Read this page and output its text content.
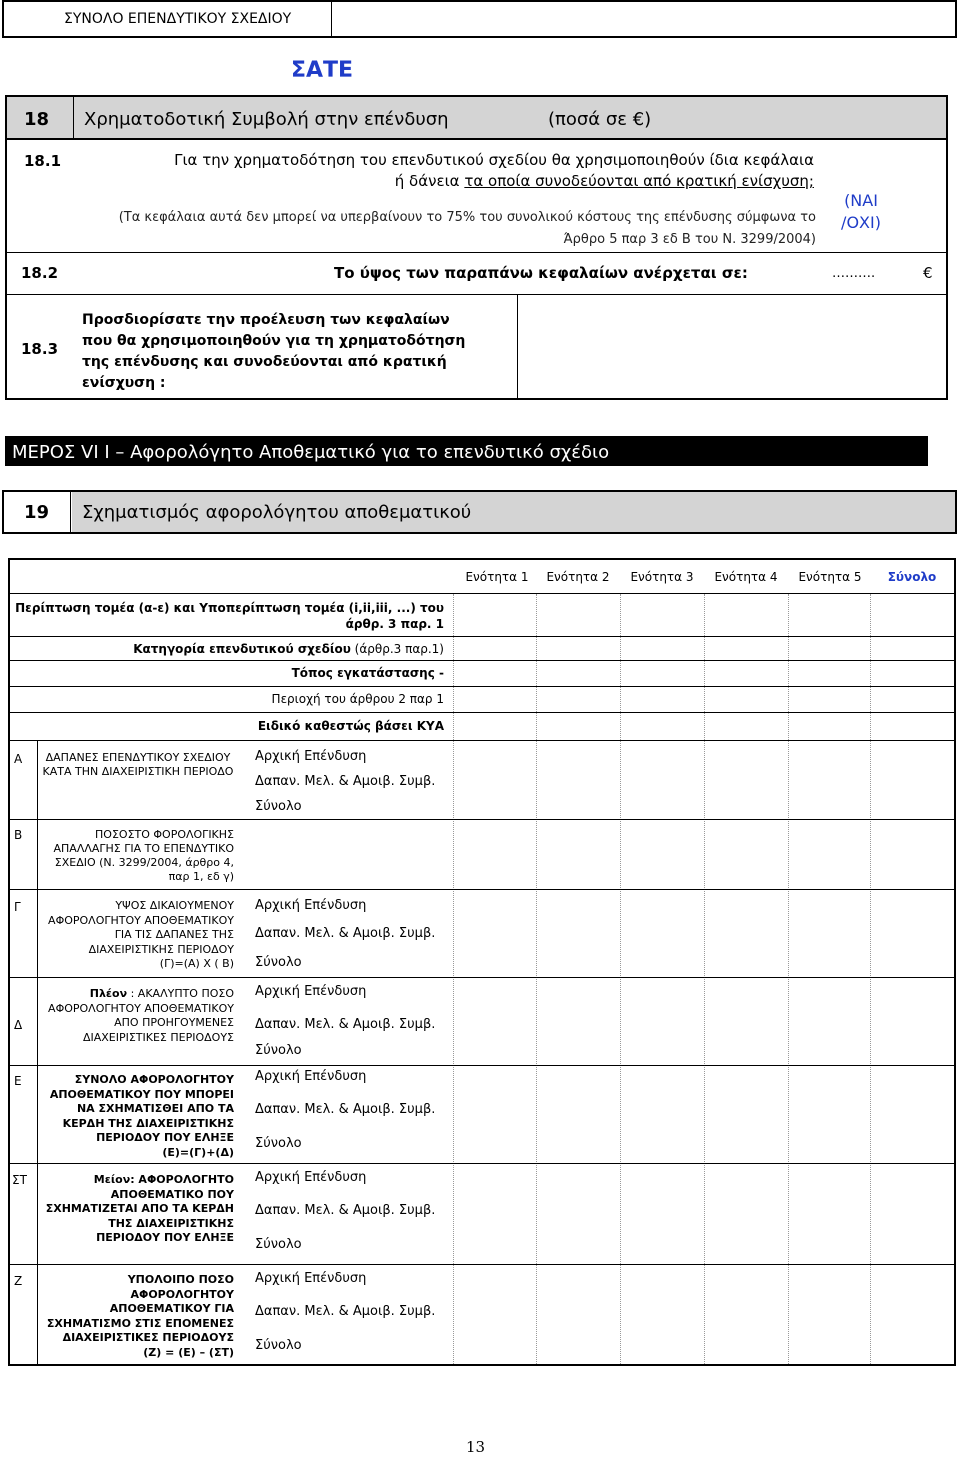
ΣΥΝΟΛΟ ΕΠΕΝΔΥΤΙΚΟΥ ΣΧΕΔΙΟΥ
ΣΑΤΕ
18 Χρηματοδοτική Συμβολή στην επένδυση	(ποσά σε €)
18.1	Για την χρηματοδότηση του επενδυτικού σχεδίου θα χρησιμοποιηθούν ίδια κεφάλαια
ή δάνεια τα οποία συνοδεύονται από κρατική ενίσχυση;
(Τα κεφάλαια αυτά δεν μπορεί να υπερβαίνουν το 75% του συνολικού κόστους της επένδυσης σύμφωνα το
Άρθρο 5 παρ 3 εδ Β του Ν. 3299/2004)
(ΝΑΙ
/ΟΧΙ)
18.2	Το ύψος των παραπάνω κεφαλαίων ανέρχεται σε:	……….	€
18.3
Προσδιορίσατε την προέλευση των κεφαλαίων
που θα χρησιμοποιηθούν για τη χρηματοδότηση
της επένδυσης και συνοδεύονται από κρατική
ενίσχυση :
ΜΕΡΟΣ VI Ι – Αφορολόγητο Αποθεματικό για το επενδυτικό σχέδιο
19 Σχηματισμός αφορολόγητου αποθεματικού
Ενότητα 1	Ενότητα 2	Ενότητα 3	Ενότητα 4	Ενότητα 5	Σύνολο
Περίπτωση τομέα (α-ε) και Υποπερίπτωση τομέα (i,ii,iii, ...) του
άρθρ. 3 παρ. 1
Κατηγορία επενδυτικού σχεδίου (άρθρ.3 παρ.1)
Τόπος εγκατάστασης -
Περιοχή του άρθρου 2 παρ 1
Ειδικό καθεστώς βάσει ΚΥΑ
Α	ΔΑΠΑΝΕΣ ΕΠΕΝΔΥΤΙΚΟΥ ΣΧΕΔΙΟΥ
ΚΑΤΑ ΤΗΝ ΔΙΑΧΕΙΡΙΣΤΙΚΗ ΠΕΡΙΟΔΟ
Αρχική Επένδυση
Δαπαν. Μελ. & Αμοιβ. Συμβ.
Σύνολο
Β	ΠΟΣΟΣΤΟ ΦΟΡΟΛΟΓΙΚΗΣ
ΑΠΑΛΛΑΓΗΣ ΓΙΑ ΤΟ ΕΠΕΝΔΥΤΙΚΟ
ΣΧΕΔΙΟ (Ν. 3299/2004, άρθρο 4,
παρ 1, εδ γ)
Γ	ΥΨΟΣ ΔΙΚΑΙΟΥΜΕΝΟΥ
ΑΦΟΡΟΛΟΓΗΤΟΥ ΑΠΟΘΕΜΑΤΙΚΟΥ
ΓΙΑ ΤΙΣ ΔΑΠΑΝΕΣ ΤΗΣ
ΔΙΑΧΕΙΡΙΣΤΙΚΗΣ ΠΕΡΙΟΔΟΥ
(Γ)=(Α) Χ ( Β)
Αρχική Επένδυση
Δαπαν. Μελ. & Αμοιβ. Συμβ.
Σύνολο
Δ
Πλέον : ΑΚΑΛΥΠΤΟ ΠΟΣΟ
ΑΦΟΡΟΛΟΓΗΤΟΥ ΑΠΟΘΕΜΑΤΙΚΟΥ
ΑΠΟ ΠΡΟΗΓΟΥΜΕΝΕΣ
ΔΙΑΧΕΙΡΙΣΤΙΚΕΣ ΠΕΡΙΟΔΟΥΣ
Αρχική Επένδυση
Δαπαν. Μελ. & Αμοιβ. Συμβ.
Σύνολο
Ε	ΣΥΝΟΛΟ ΑΦΟΡΟΛΟΓΗΤΟΥ
ΑΠΟΘΕΜΑΤΙΚΟΥ ΠΟΥ ΜΠΟΡΕΙ
ΝΑ ΣΧΗΜΑΤΙΣΘΕΙ ΑΠΟ ΤΑ
ΚΕΡΔΗ ΤΗΣ ΔΙΑΧΕΙΡΙΣΤΙΚΗΣ
ΠΕΡΙΟΔΟΥ ΠΟΥ ΕΛΗΞΕ
(Ε)=(Γ)+(Δ)
Αρχική Επένδυση
Δαπαν. Μελ. & Αμοιβ. Συμβ.
Σύνολο
ΣΤ	Μείον: ΑΦΟΡΟΛΟΓΗΤΟ
ΑΠΟΘΕΜΑΤΙΚΟ ΠΟΥ
ΣΧΗΜΑΤΙΖΕΤΑΙ ΑΠΟ ΤΑ ΚΕΡΔΗ
ΤΗΣ ΔΙΑΧΕΙΡΙΣΤΙΚΗΣ
ΠΕΡΙΟΔΟΥ ΠΟΥ ΕΛΗΞΕ
Αρχική Επένδυση
Δαπαν. Μελ. & Αμοιβ. Συμβ.
Σύνολο
Ζ	ΥΠΟΛΟΙΠΟ ΠΟΣΟ
ΑΦΟΡΟΛΟΓΗΤΟΥ
ΑΠΟΘΕΜΑΤΙΚΟΥ ΓΙΑ
ΣΧΗΜΑΤΙΣΜΟ ΣΤΙΣ ΕΠΟΜΕΝΕΣ
ΔΙΑΧΕΙΡΙΣΤΙΚΕΣ ΠΕΡΙΟΔΟΥΣ
(Ζ) = (Ε) – (ΣΤ)
Αρχική Επένδυση
Δαπαν. Μελ. & Αμοιβ. Συμβ.
Σύνολο
13
